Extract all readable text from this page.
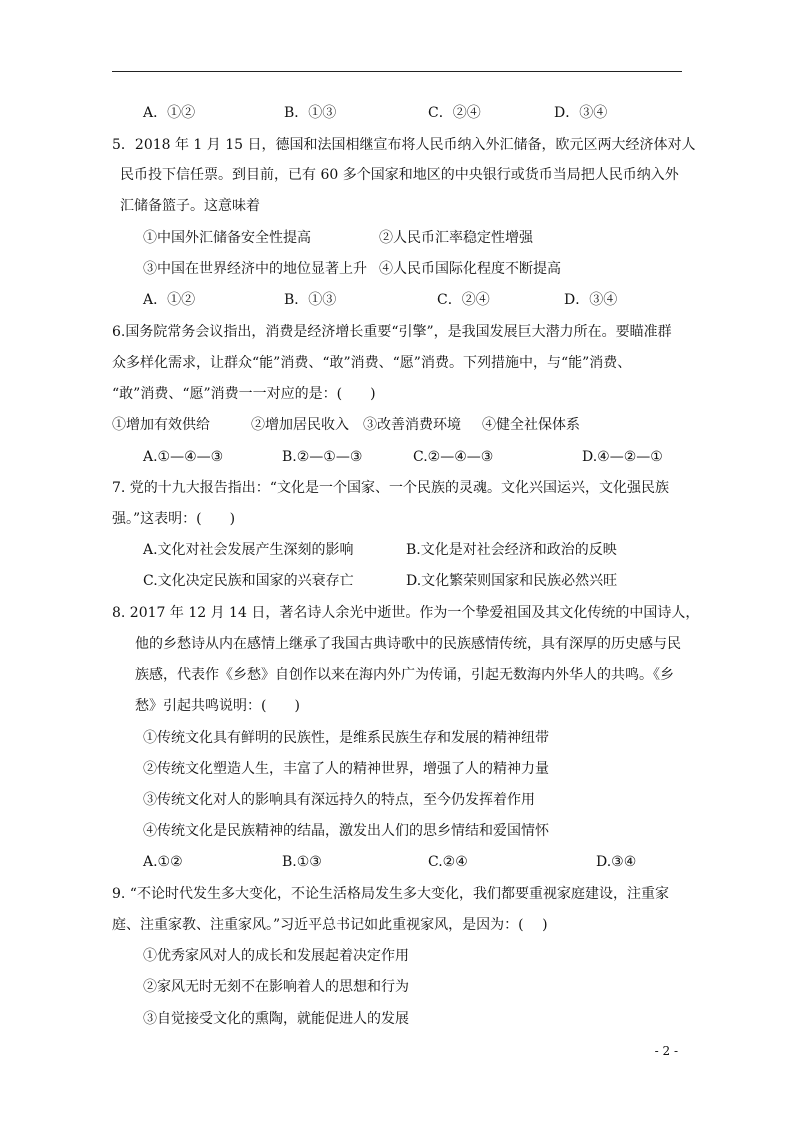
A．①②	B．①③	C．②④	D．③④
5．2018 年 1 月 15 日，德国和法国相继宣布将人民币纳入外汇储备，欧元区两大经济体对人
民币投下信任票。到目前，已有 60 多个国家和地区的中央银行或货币当局把人民币纳入外
汇储备篮子。这意味着
①中国外汇储备安全性提高	②人民币汇率稳定性增强
③中国在世界经济中的地位显著上升 ④人民币国际化程度不断提高
A．①②	B．①③	C．②④	D．③④
6.国务院常务会议指出，消费是经济增长重要“引擎”，是我国发展巨大潜力所在。要瞄准群
众多样化需求，让群众“能”消费、“敢”消费、“愿”消费。下列措施中，与“能”消费、
“敢”消费、“愿”消费一一对应的是：(　　)
①增加有效供给	②增加居民收入 ③改善消费环境 ④健全社保体系
A.①—④—③	B.②—①—③	C.②—④—③	D.④—②—①
7. 党的十九大报告指出：“文化是一个国家、一个民族的灵魂。文化兴国运兴，文化强民族
强。”这表明：(　　)
A.文化对社会发展产生深刻的影响	B.文化是对社会经济和政治的反映
C.文化决定民族和国家的兴衰存亡	D.文化繁荣则国家和民族必然兴旺
8. 2017 年 12 月 14 日，著名诗人余光中逝世。作为一个挚爱祖国及其文化传统的中国诗人，
他的乡愁诗从内在感情上继承了我国古典诗歌中的民族感情传统，具有深厚的历史感与民
族感，代表作《乡愁》自创作以来在海内外广为传诵，引起无数海内外华人的共鸣。《乡
愁》引起共鸣说明：(　　)
①传统文化具有鲜明的民族性，是维系民族生存和发展的精神纽带
②传统文化塑造人生，丰富了人的精神世界，增强了人的精神力量
③传统文化对人的影响具有深远持久的特点，至今仍发挥着作用
④传统文化是民族精神的结晶，激发出人们的思乡情结和爱国情怀
A.①②	B.①③	C.②④	D.③④
9. “不论时代发生多大变化，不论生活格局发生多大变化，我们都要重视家庭建设，注重家
庭、注重家教、注重家风。”习近平总书记如此重视家风，是因为：(　 )
①优秀家风对人的成长和发展起着决定作用
②家风无时无刻不在影响着人的思想和行为
③自觉接受文化的熏陶，就能促进人的发展
- 2 -
